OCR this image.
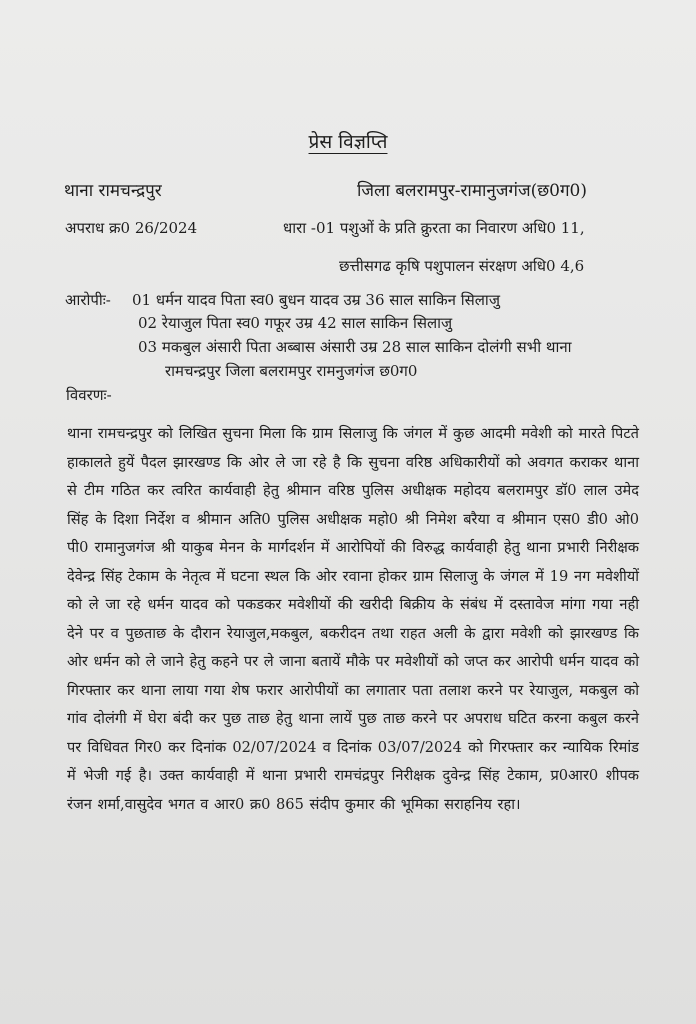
प्रेस विज्ञप्ति
थाना रामचन्द्रपुर	जिला बलरामपुर-रामानुजगंज(छ0ग0)
अपराध क्र0 26/2024	धारा -01 पशुओं के प्रति क्रुरता का निवारण अधि0 11,
छत्तीसगढ कृषि पशुपालन संरक्षण अधि0 4,6
आरोपीः- 01 धर्मन यादव पिता स्व0 बुधन यादव उम्र 36 साल साकिन सिलाजु
02 रेयाजुल पिता स्व0 गफूर उम्र 42 साल साकिन सिलाजु
03 मकबुल अंसारी पिता अब्बास अंसारी उम्र 28 साल साकिन दोलंगी सभी थाना
रामचन्द्रपुर जिला बलरामपुर रामनुजगंज छ0ग0
विवरणः-
थाना रामचन्द्रपुर को लिखित सुचना मिला कि ग्राम सिलाजु कि जंगल में कुछ आदमी मवेशी को मारते पिटते हाकालते हुयें पैदल झारखण्ड कि ओर ले जा रहे है कि सुचना वरिष्ठ अधिकारीयों को अवगत कराकर थाना से टीम गठित कर त्वरित कार्यवाही हेतु श्रीमान वरिष्ठ पुलिस अधीक्षक महोदय बलरामपुर डॉ0 लाल उमेद सिंह के दिशा निर्देश व श्रीमान अति0 पुलिस अधीक्षक महो0 श्री निमेश बरैया व श्रीमान एस0 डी0 ओ0 पी0 रामानुजगंज श्री याकुब मेनन के मार्गदर्शन में आरोपियों की विरुद्ध कार्यवाही हेतु थाना प्रभारी निरीक्षक देवेन्द्र सिंह टेकाम के नेतृत्व में घटना स्थल कि ओर रवाना होकर ग्राम सिलाजु के जंगल में 19 नग मवेशीयों को ले जा रहे धर्मन यादव को पकडकर मवेशीयों की खरीदी बिक्रीय के संबंध में दस्तावेज मांगा गया नही देने पर व पुछताछ के दौरान रेयाजुल,मकबुल, बकरीदन तथा राहत अली के द्वारा मवेशी को झारखण्ड कि ओर धर्मन को ले जाने हेतु कहने पर ले जाना बतायें मौके पर मवेशीयों को जप्त कर आरोपी धर्मन यादव को गिरफ्तार कर थाना लाया गया शेष फरार आरोपीयों का लगातार पता तलाश करने पर रेयाजुल, मकबुल को गांव दोलंगी में घेरा बंदी कर पुछ ताछ हेतु थाना लायें पुछ ताछ करने पर अपराध घटित करना कबुल करने पर विधिवत गिर0 कर दिनांक 02/07/2024 व दिनांक 03/07/2024 को गिरफ्तार कर न्यायिक रिमांड में भेजी गई है। उक्त कार्यवाही में थाना प्रभारी रामचंद्रपुर निरीक्षक दुवेन्द्र सिंह टेकाम, प्र0आर0 शीपक रंजन शर्मा,वासुदेव भगत व आर0 क्र0 865 संदीप कुमार की भूमिका सराहनिय रहा।
